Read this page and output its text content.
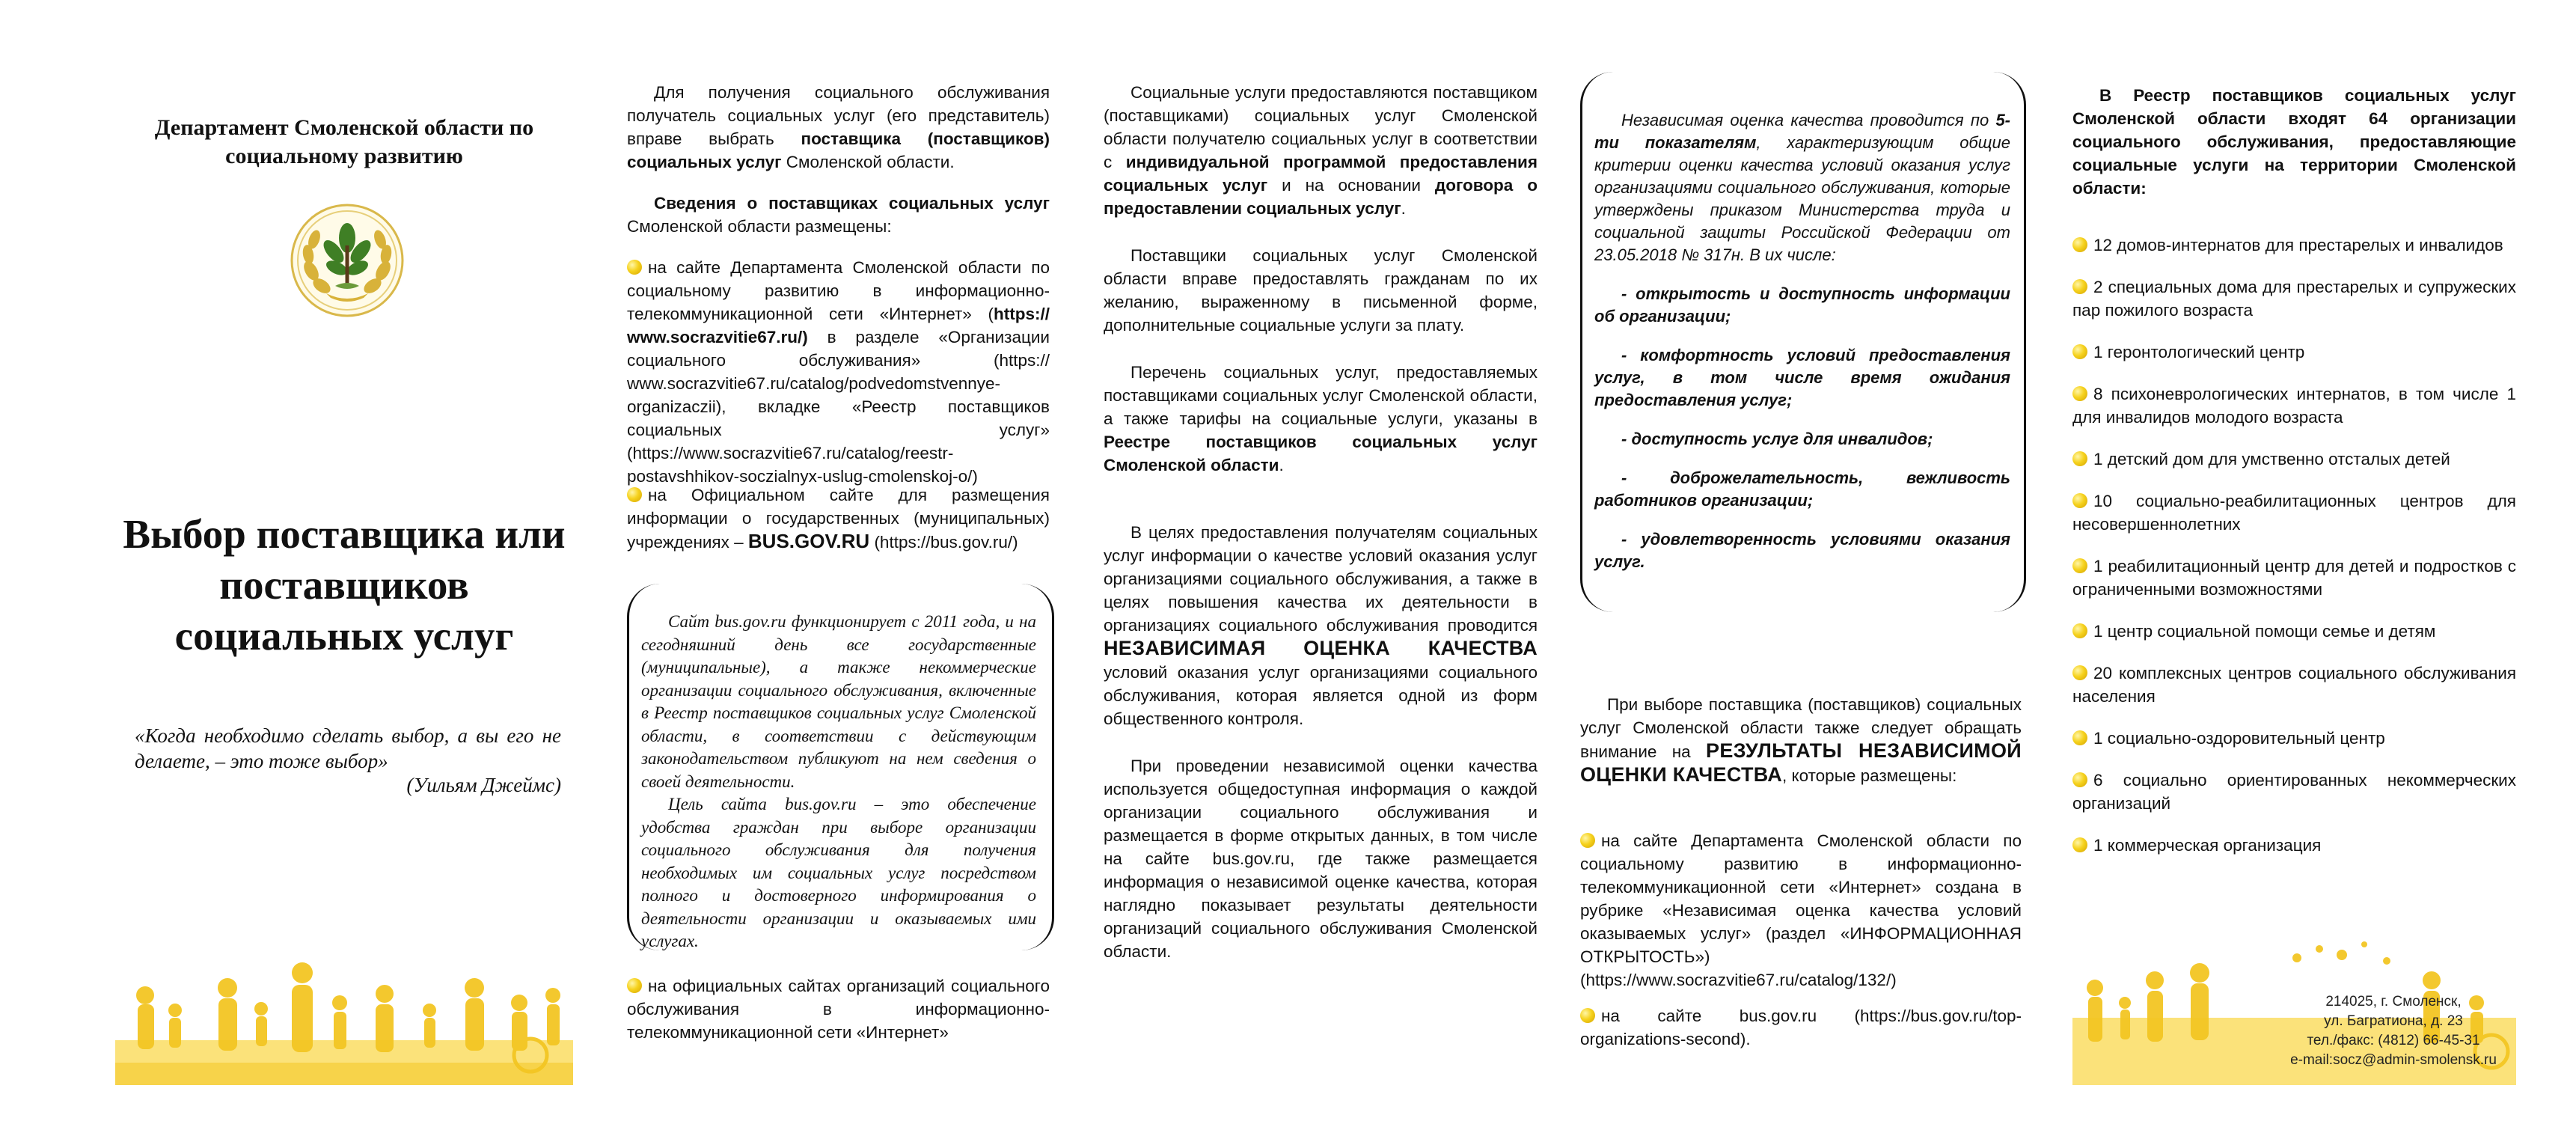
Департамент Смоленской области по социальному развитию
Выбор поставщика или поставщиков социальных услуг
«Когда необходимо сделать выбор, а вы его не делаете, – это тоже выбор»
(Уильям Джеймс)

Для получения социального обслуживания получатель социальных услуг (его представитель) вправе выбрать поставщика (поставщиков) социальных услуг Смоленской области.

Сведения о поставщиках социальных услуг Смоленской области размещены:

на сайте Департамента Смоленской области по социальному развитию в информационно-телекоммуникационной сети «Интернет» (https:// www.socrazvitie67.ru/) в разделе «Организации социального обслуживания» (https:// www.socrazvitie67.ru/catalog/podvedomstvennye-organizaczii), вкладке «Реестр поставщиков социальных услуг» (https://www.socrazvitie67.ru/catalog/reestr-postavshhikov-soczialnyx-uslug-cmolenskoj-o/)

на Официальном сайте для размещения информации о государственных (муниципальных) учреждениях – BUS.GOV.RU (https://bus.gov.ru/)

Сайт bus.gov.ru функционирует с 2011 года, и на сегодняшний день все государственные (муниципальные), а также некоммерческие организации социального обслуживания, включенные в Реестр поставщиков социальных услуг Смоленской области, в соответствии с действующим законодательством публикуют на нем сведения о своей деятельности.

Цель сайта bus.gov.ru – это обеспечение удобства граждан при выборе организации социального обслуживания для получения необходимых им социальных услуг посредством полного и достоверного информирования о деятельности организации и оказываемых ими услугах.

на официальных сайтах организаций социального обслуживания в информационно-телекоммуникационной сети «Интернет»

Социальные услуги предоставляются поставщиком (поставщиками) социальных услуг Смоленской области получателю социальных услуг в соответствии с индивидуальной программой предоставления социальных услуг и на основании договора о предоставлении социальных услуг.

Поставщики социальных услуг Смоленской области вправе предоставлять гражданам по их желанию, выраженному в письменной форме, дополнительные социальные услуги за плату.

Перечень социальных услуг, предоставляемых поставщиками социальных услуг Смоленской области, а также тарифы на социальные услуги, указаны в Реестре поставщиков социальных услуг Смоленской области.

В целях предоставления получателям социальных услуг информации о качестве условий оказания услуг организациями социального обслуживания, а также в целях повышения качества их деятельности в организациях социального обслуживания проводится НЕЗАВИСИМАЯ ОЦЕНКА КАЧЕСТВА условий оказания услуг организациями социального обслуживания, которая является одной из форм общественного контроля.

При проведении независимой оценки качества используется общедоступная информация о каждой организации социального обслуживания и размещается в форме открытых данных, в том числе на сайте bus.gov.ru, где также размещается информация о независимой оценке качества, которая наглядно показывает результаты деятельности организаций социального обслуживания Смоленской области.

Независимая оценка качества проводится по 5-ти показателям, характеризующим общие критерии оценки качества условий оказания услуг организациями социального обслуживания, которые утверждены приказом Министерства труда и социальной защиты Российской Федерации от 23.05.2018 № 317н. В их числе:

- открытость и доступность информации об организации;

- комфортность условий предоставления услуг, в том числе время ожидания предоставления услуг;

- доступность услуг для инвалидов;

- доброжелательность, вежливость работников организации;

- удовлетворенность условиями оказания услуг.

При выборе поставщика (поставщиков) социальных услуг Смоленской области также следует обращать внимание на РЕЗУЛЬТАТЫ НЕЗАВИСИМОЙ ОЦЕНКИ КАЧЕСТВА, которые размещены:

на сайте Департамента Смоленской области по социальному развитию в информационно-телекоммуникационной сети «Интернет» создана в рубрике «Независимая оценка качества условий оказываемых услуг» (раздел «ИНФОРМАЦИОННАЯ ОТКРЫТОСТЬ») (https://www.socrazvitie67.ru/catalog/132/)

на сайте bus.gov.ru (https://bus.gov.ru/top-organizations-second).

В Реестр поставщиков социальных услуг Смоленской области входят 64 организации социального обслуживания, предоставляющие социальные услуги на территории Смоленской области:

12 домов-интернатов для престарелых и инвалидов

2 специальных дома для престарелых и супружеских пар пожилого возраста

1 геронтологический центр

8 психоневрологических интернатов, в том числе 1 для инвалидов молодого возраста

1 детский дом для умственно отсталых детей

10 социально-реабилитационных центров для несовершеннолетних

1 реабилитационный центр для детей и подростков с ограниченными возможностями

1 центр социальной помощи семье и детям

20 комплексных центров социального обслуживания населения

1 социально-оздоровительный центр

6 социально ориентированных некоммерческих организаций

1 коммерческая организация

214025, г. Смоленск,
ул. Багратиона, д. 23
тел./факс: (4812) 66-45-31
e-mail:socz@admin-smolensk.ru
